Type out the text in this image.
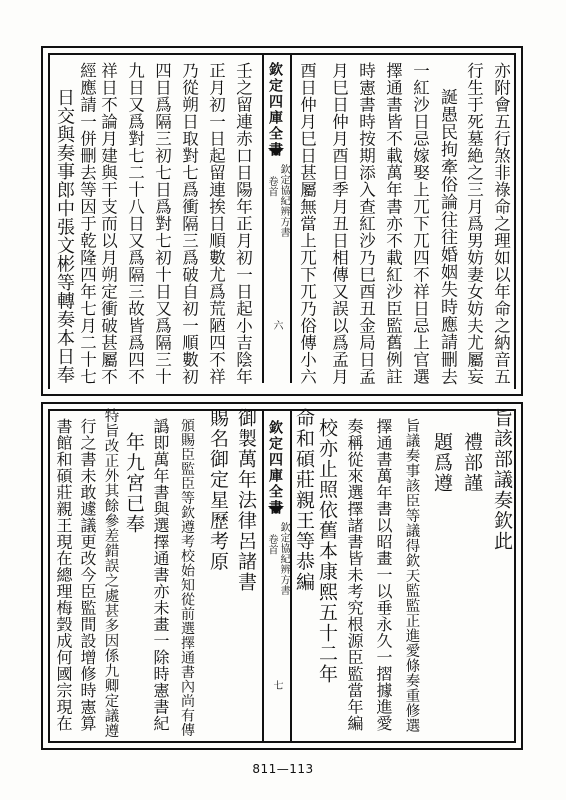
欽定四庫全書
欽定協紀辨方書
卷首
六	亦附會五行煞非祿命之理如以年命之納音五
行生于死墓絶之三月爲男妨妻女妨夫尤屬妄
誕愚民拘牽俗論往往婚姻失時應請刪去
一紅沙日忌嫁娶上兀下兀四不祥日忌上官選
擇通書皆不載萬年書亦不載紅沙臣監舊例註
時憲書時按期添入查紅沙乃巳酉丑金局日孟
月巳日仲月酉日季月丑日相傳又誤以爲孟月
酉日仲月巳日甚屬無當上兀下兀乃俗傳小六
壬之留連赤口日陽年正月初一日起小吉陰年
正月初一日起留連挨日順數尤爲荒陋四不祥
乃從朔日取對七爲衝隔三爲破自初一順數初
四日爲隔三初七日爲對七初十日又爲隔三十
九日又爲對七二十八日又爲隔三故皆爲四不
祥日不論月建與干支而以月朔定衝破甚屬不
經應請一併刪去等因于乾隆四年七月二十七
日交與奏事郎中張文彬等轉奏本日奉
欽定四庫全書
欽定協紀辨方書
卷首
七
旨該部議奏欽此
禮部謹
題爲遵
旨議奏事該臣等議得欽天監監正進愛條奏重修選
擇通書萬年書以昭畫一以垂永久一摺據進愛
奏稱從來選擇諸書皆未考究根源臣監當年編
校亦止照依舊本康熙五十二年
命和碩莊親王等恭編
御製萬年法律呂諸書
賜名御定星歷考原
頒賜臣監臣等欽遵考校始知從前選擇通書內尚有傳
譌即萬年書與選擇通書亦未畫一除時憲書紀
年九宮已奉
特旨改正外其餘參差錯誤之處甚多因係九卿定議遵
行之書未敢遽議更改今臣監間設增修時憲算
書館和碩莊親王現在總理梅瑴成何國宗現在
811—113
